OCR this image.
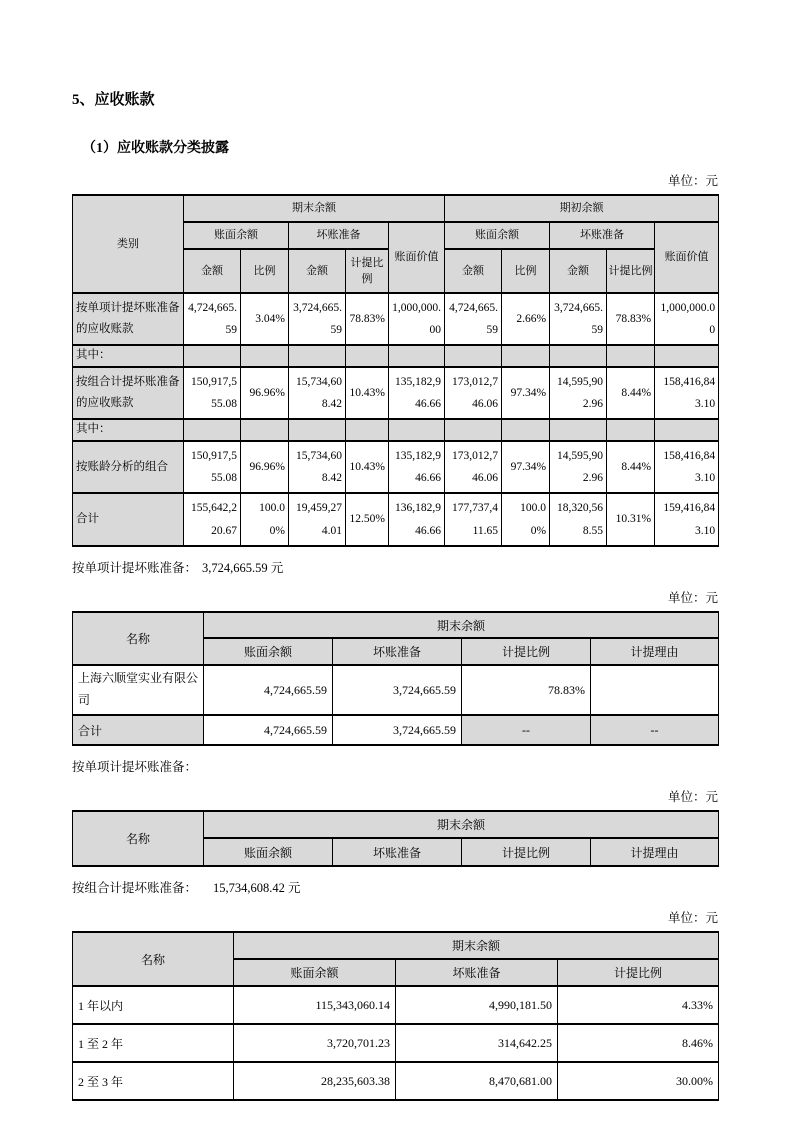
5、应收账款
（1）应收账款分类披露
单位：元
类别	期末余额					期初余额				
	账面余额		坏账准备		账面价值	账面余额		坏账准备		账面价值
	金额	比例	金额	计提比例		金额	比例	金额	计提比例	
按单项计提坏账准备的应收账款	4,724,665.59	3.04%	3,724,665.59	78.83%	1,000,000.00	4,724,665.59	2.66%	3,724,665.59	78.83%	1,000,000.00
其中：										
按组合计提坏账准备的应收账款	150,917,555.08	96.96%	15,734,608.42	10.43%	135,182,946.66	173,012,746.06	97.34%	14,595,902.96	8.44%	158,416,843.10
其中：										
按账龄分析的组合	150,917,555.08	96.96%	15,734,608.42	10.43%	135,182,946.66	173,012,746.06	97.34%	14,595,902.96	8.44%	158,416,843.10
合计	155,642,220.67	100.00%	19,459,274.01	12.50%	136,182,946.66	177,737,411.65	100.00%	18,320,568.55	10.31%	159,416,843.10
按单项计提坏账准备： 3,724,665.59 元
单位：元
名称	期末余额			
	账面余额	坏账准备	计提比例	计提理由
上海六顺堂实业有限公司	4,724,665.59	3,724,665.59	78.83%	
合计	4,724,665.59	3,724,665.59	--	--
按单项计提坏账准备：
单位：元
名称	期末余额			
	账面余额	坏账准备	计提比例	计提理由
按组合计提坏账准备： 15,734,608.42 元
单位：元
名称	期末余额		
	账面余额	坏账准备	计提比例
1 年以内	115,343,060.14	4,990,181.50	4.33%
1 至 2 年	3,720,701.23	314,642.25	8.46%
2 至 3 年	28,235,603.38	8,470,681.00	30.00%
